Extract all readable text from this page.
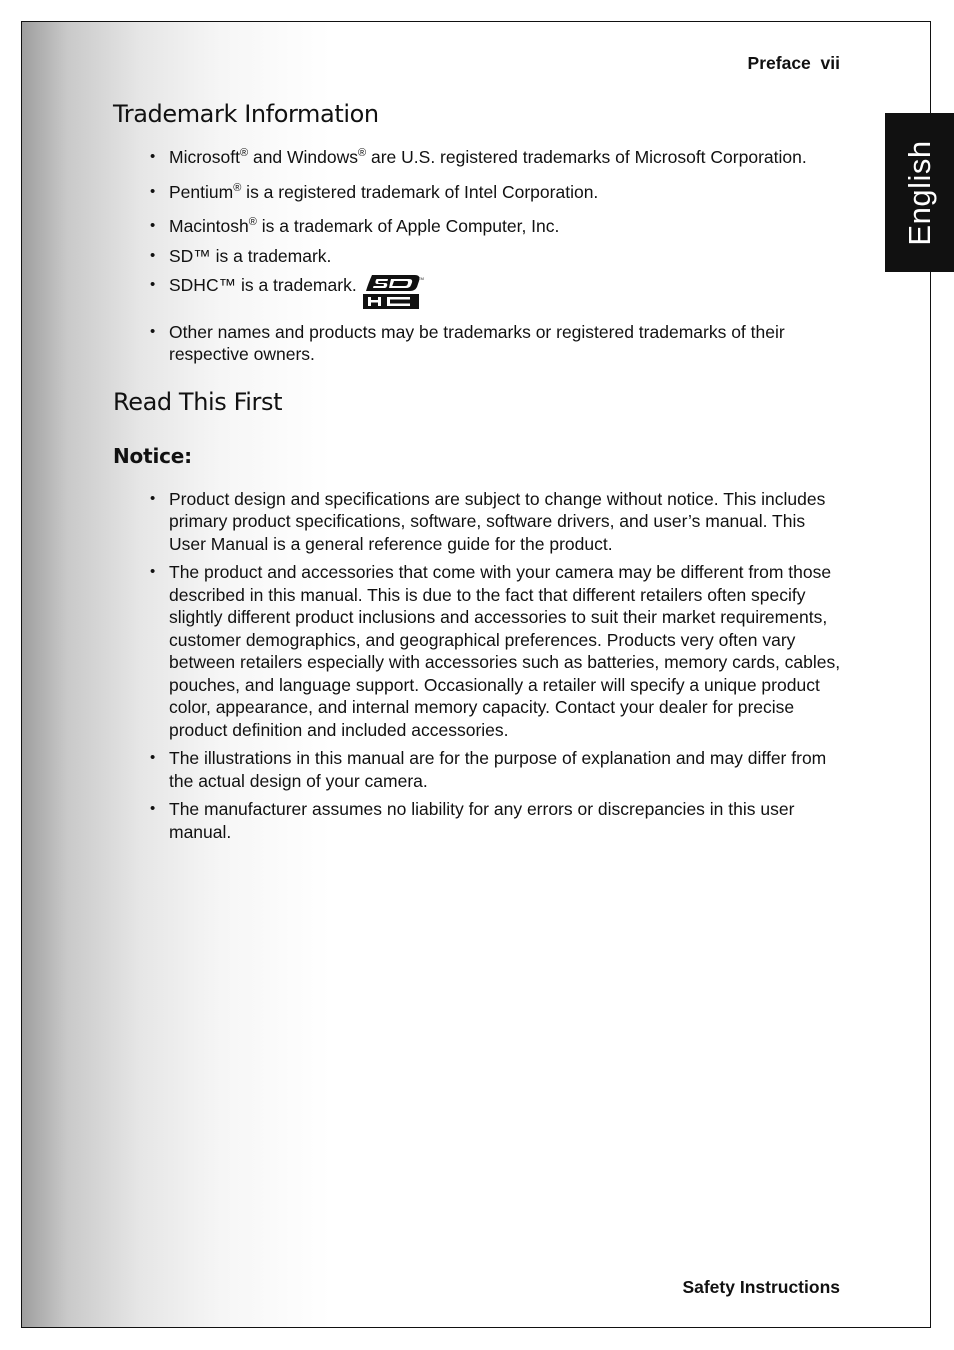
Preface vii
English
Trademark Information
• Microsoft® and Windows® are U.S. registered trademarks of Microsoft Corporation.
• Pentium® is a registered trademark of Intel Corporation.
• Macintosh® is a trademark of Apple Computer, Inc.
• SD™ is a trademark.
• SDHC™ is a trademark.	TM
• Other names and products may be trademarks or registered trademarks of their respective owners.
Read This First
Notice:
• Product design and specifications are subject to change without notice. This includes primary product specifications, software, software drivers, and user’s manual. This User Manual is a general reference guide for the product.
• The product and accessories that come with your camera may be different from those described in this manual. This is due to the fact that different retailers often specify slightly different product inclusions and accessories to suit their market requirements, customer demographics, and geographical preferences. Products very often vary between retailers especially with accessories such as batteries, memory cards, cables, pouches, and language support. Occasionally a retailer will specify a unique product color, appearance, and internal memory capacity. Contact your dealer for precise product definition and included accessories.
• The illustrations in this manual are for the purpose of explanation and may differ from the actual design of your camera.
• The manufacturer assumes no liability for any errors or discrepancies in this user manual.
Safety Instructions
